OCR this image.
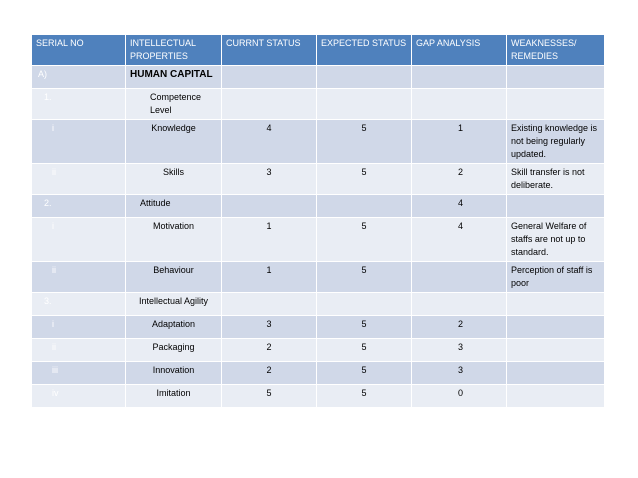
SERIAL NO	INTELLECTUAL PROPERTIES	CURRNT STATUS	EXPECTED STATUS	GAP ANALYSIS	WEAKNESSES/ REMEDIES
A)	HUMAN CAPITAL				
1.	Competence Level				

i	Knowledge	4	5	1	Existing knowledge is not being regularly updated.
ii	Skills	3	5	2	Skill transfer is not deliberate.
2.	Attitude			4	
i	Motivation	1	5	4	General Welfare of staffs are not up to standard.
ii	Behaviour	1	5		Perception of staff is poor
3.	Intellectual Agility				
i	Adaptation	3	5	2	
ii	Packaging	2	5	3	
iii	Innovation	2	5	3	
iv	Imitation	5	5	0	
